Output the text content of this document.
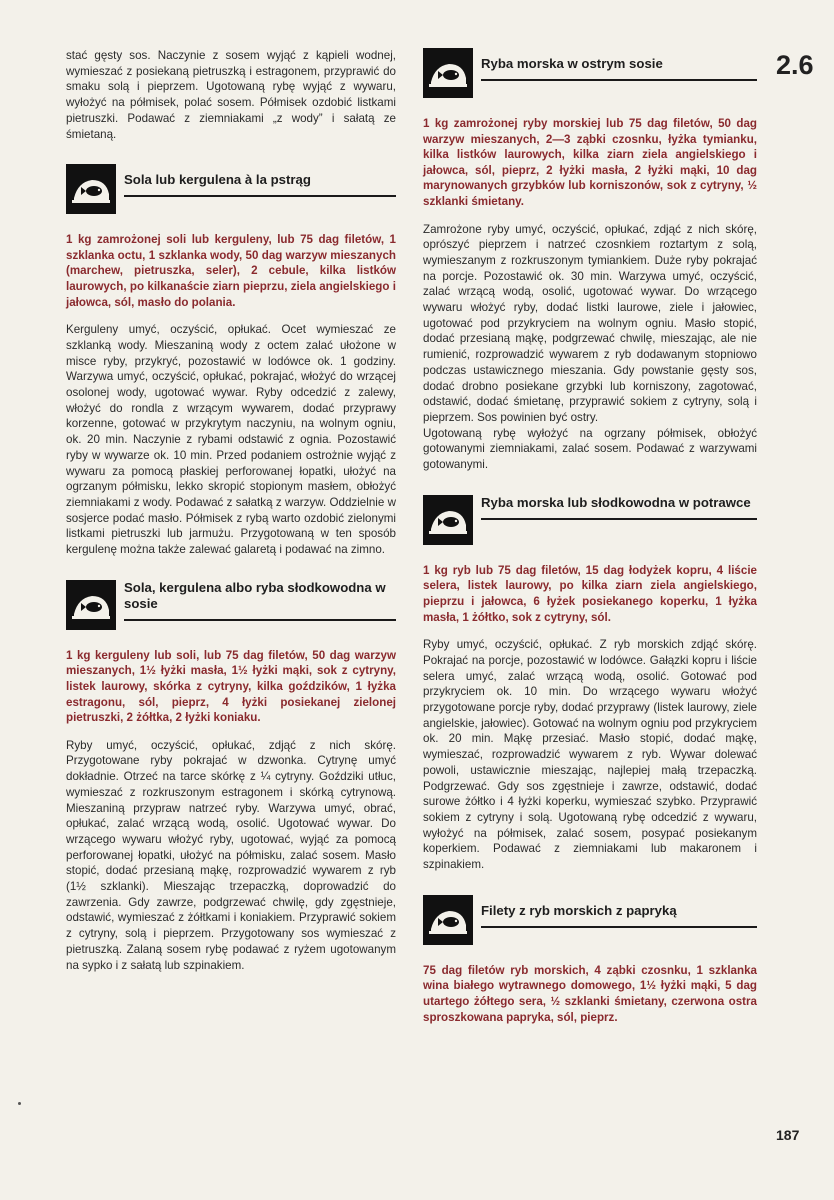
2.6
187

stać gęsty sos. Naczynie z sosem wyjąć z kąpieli wodnej, wymieszać z posiekaną pietruszką i estragonem, przyprawić do smaku solą i pieprzem. Ugotowaną rybę wyjąć z wywaru, wyłożyć na półmisek, polać sosem. Półmisek ozdobić listkami pietruszki. Podawać z ziemniakami „z wody” i sałatą ze śmietaną.

Sola lub kergulena à la pstrąg

1 kg zamrożonej soli lub kerguleny, lub 75 dag filetów, 1 szklanka octu, 1 szklanka wody, 50 dag warzyw mieszanych (marchew, pietruszka, seler), 2 cebule, kilka listków laurowych, po kilkanaście ziarn pieprzu, ziela angielskiego i jałowca, sól, masło do polania.

Kerguleny umyć, oczyścić, opłukać. Ocet wymieszać ze szklanką wody. Mieszaniną wody z octem zalać ułożone w misce ryby, przykryć, pozostawić w lodówce ok. 1 godziny. Warzywa umyć, oczyścić, opłukać, pokrajać, włożyć do wrzącej osolonej wody, ugotować wywar. Ryby odcedzić z zalewy, włożyć do rondla z wrzącym wywarem, dodać przyprawy korzenne, gotować w przykrytym naczyniu, na wolnym ogniu, ok. 20 min. Naczynie z rybami odstawić z ognia. Pozostawić ryby w wywarze ok. 10 min. Przed podaniem ostrożnie wyjąć z wywaru za pomocą płaskiej perforowanej łopatki, ułożyć na ogrzanym półmisku, lekko skropić stopionym masłem, obłożyć ziemniakami z wody. Podawać z sałatką z warzyw. Oddzielnie w sosjerce podać masło. Półmisek z rybą warto ozdobić zielonymi listkami pietruszki lub jarmużu. Przygotowaną w ten sposób kergulenę można także zalewać galaretą i podawać na zimno.

Sola, kergulena albo ryba słodkowodna w sosie

1 kg kerguleny lub soli, lub 75 dag filetów, 50 dag warzyw mieszanych, 1½ łyżki masła, 1½ łyżki mąki, sok z cytryny, listek laurowy, skórka z cytryny, kilka goździków, 1 łyżka estragonu, sól, pieprz, 4 łyżki posiekanej zielonej pietruszki, 2 żółtka, 2 łyżki koniaku.

Ryby umyć, oczyścić, opłukać, zdjąć z nich skórę. Przygotowane ryby pokrajać w dzwonka. Cytrynę umyć dokładnie. Otrzeć na tarce skórkę z ¼ cytryny. Goździki utłuc, wymieszać z rozkruszonym estragonem i skórką cytrynową. Mieszaniną przypraw natrzeć ryby. Warzywa umyć, obrać, opłukać, zalać wrzącą wodą, osolić. Ugotować wywar. Do wrzącego wywaru włożyć ryby, ugotować, wyjąć za pomocą perforowanej łopatki, ułożyć na półmisku, zalać sosem. Masło stopić, dodać przesianą mąkę, rozprowadzić wywarem z ryb (1½ szklanki). Mieszając trzepaczką, doprowadzić do zawrzenia. Gdy zawrze, podgrzewać chwilę, gdy zgęstnieje, odstawić, wymieszać z żółtkami i koniakiem. Przyprawić sokiem z cytryny, solą i pieprzem. Przygotowany sos wymieszać z pietruszką. Zalaną sosem rybę podawać z ryżem ugotowanym na sypko i z sałatą lub szpinakiem.

Ryba morska w ostrym sosie

1 kg zamrożonej ryby morskiej lub 75 dag filetów, 50 dag warzyw mieszanych, 2—3 ząbki czosnku, łyżka tymianku, kilka listków laurowych, kilka ziarn ziela angielskiego i jałowca, sól, pieprz, 2 łyżki masła, 2 łyżki mąki, 10 dag marynowanych grzybków lub korniszonów, sok z cytryny, ½ szklanki śmietany.

Zamrożone ryby umyć, oczyścić, opłukać, zdjąć z nich skórę, oprószyć pieprzem i natrzeć czosnkiem roztartym z solą, wymieszanym z rozkruszonym tymiankiem. Duże ryby pokrajać na porcje. Pozostawić ok. 30 min. Warzywa umyć, oczyścić, zalać wrzącą wodą, osolić, ugotować wywar. Do wrzącego wywaru włożyć ryby, dodać listki laurowe, ziele i jałowiec, ugotować pod przykryciem na wolnym ogniu. Masło stopić, dodać przesianą mąkę, podgrzewać chwilę, mieszając, ale nie rumienić, rozprowadzić wywarem z ryb dodawanym stopniowo podczas ustawicznego mieszania. Gdy powstanie gęsty sos, dodać drobno posiekane grzybki lub korniszony, zagotować, odstawić, dodać śmietanę, przyprawić sokiem z cytryny, solą i pieprzem. Sos powinien być ostry.

Ugotowaną rybę wyłożyć na ogrzany półmisek, obłożyć gotowanymi ziemniakami, zalać sosem. Podawać z warzywami gotowanymi.

Ryba morska lub słodkowodna w potrawce

1 kg ryb lub 75 dag filetów, 15 dag łodyżek kopru, 4 liście selera, listek laurowy, po kilka ziarn ziela angielskiego, pieprzu i jałowca, 6 łyżek posiekanego koperku, 1 łyżka masła, 1 żółtko, sok z cytryny, sól.

Ryby umyć, oczyścić, opłukać. Z ryb morskich zdjąć skórę. Pokrajać na porcje, pozostawić w lodówce. Gałązki kopru i liście selera umyć, zalać wrzącą wodą, osolić. Gotować pod przykryciem ok. 10 min. Do wrzącego wywaru włożyć przygotowane porcje ryby, dodać przyprawy (listek laurowy, ziele angielskie, jałowiec). Gotować na wolnym ogniu pod przykryciem ok. 20 min. Mąkę przesiać. Masło stopić, dodać mąkę, wymieszać, rozprowadzić wywarem z ryb. Wywar dolewać powoli, ustawicznie mieszając, najlepiej małą trzepaczką. Podgrzewać. Gdy sos zgęstnieje i zawrze, odstawić, dodać surowe żółtko i 4 łyżki koperku, wymieszać szybko. Przyprawić sokiem z cytryny i solą. Ugotowaną rybę odcedzić z wywaru, wyłożyć na półmisek, zalać sosem, posypać posiekanym koperkiem. Podawać z ziemniakami lub makaronem i szpinakiem.

Filety z ryb morskich z papryką

75 dag filetów ryb morskich, 4 ząbki czosnku, 1 szklanka wina białego wytrawnego domowego, 1½ łyżki mąki, 5 dag utartego żółtego sera, ½ szklanki śmietany, czerwona ostra sproszkowana papryka, sól, pieprz.
